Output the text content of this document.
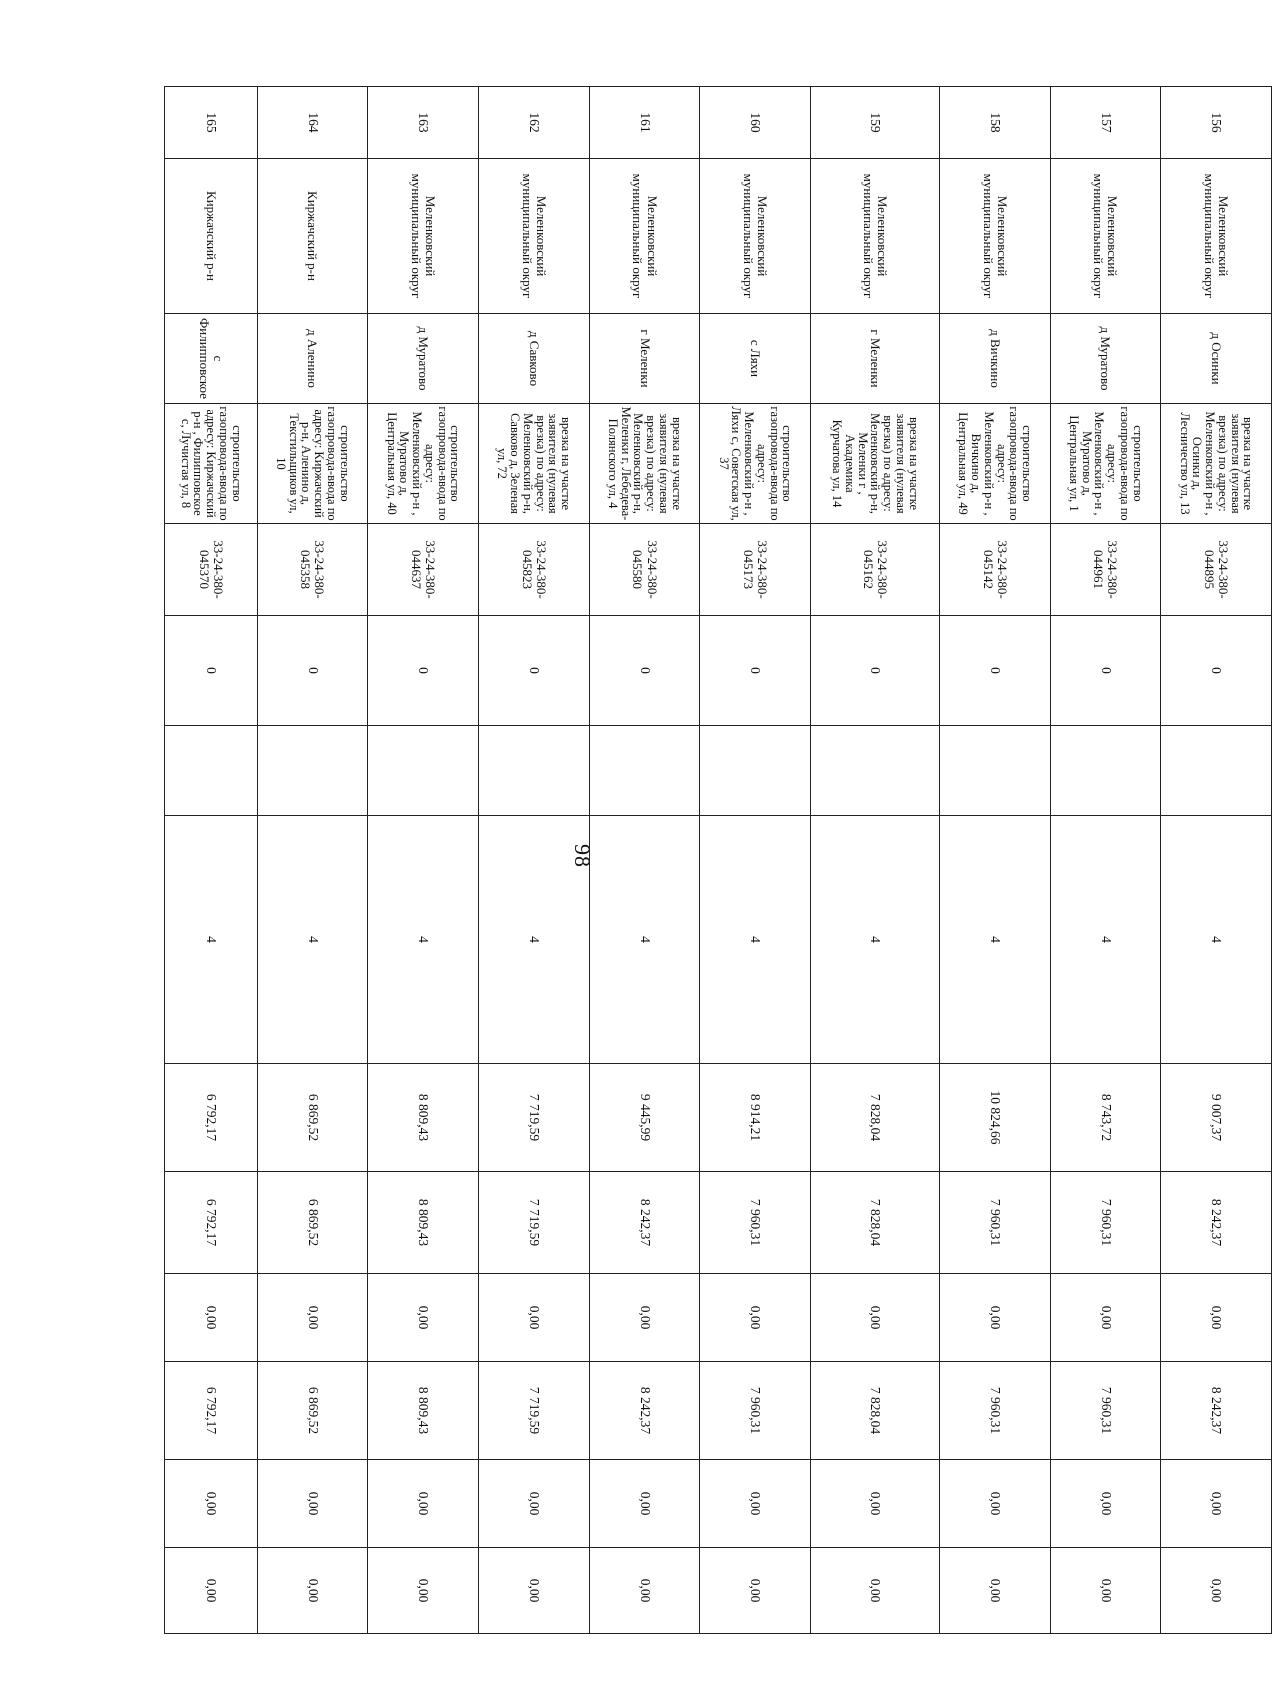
98
156	Меленковский муниципальный округ	д Осинки	врезка на участке заявителя (нулевая врезка) по адресу: Меленковский р-н , Осинки д, Лесничество ул, 13	33-24-380-044895	0		4	9 007,37	8 242,37	0,00	8 242,37	0,00	0,00
157	Меленковский муниципальный округ	д Муратово	строительство газопровода-ввода по адресу: Меленковский р-н , Муратово д, Центральная ул, 1	33-24-380-044961	0		4	8 743,72	7 960,31	0,00	7 960,31	0,00	0,00
158	Меленковский муниципальный округ	д Вичкино	строительство газопровода-ввода по адресу: Меленковский р-н , Вичкино д, Центральная ул, 49	33-24-380-045142	0		4	10 824,66	7 960,31	0,00	7 960,31	0,00	0,00
159	Меленковский муниципальный округ	г Меленки	врезка на участке заявителя (нулевая врезка) по адресу: Меленковский р-н, Меленки г , Академика Курчатова ул, 14	33-24-380-045162	0		4	7 828,04	7 828,04	0,00	7 828,04	0,00	0,00
160	Меленковский муниципальный округ	с Ляхи	строительство газопровода-ввода по адресу: Меленковский р-н , Ляхи с, Советская ул, 37	33-24-380-045173	0		4	8 914,21	7 960,31	0,00	7 960,31	0,00	0,00
161	Меленковский муниципальный округ	г Меленки	врезка на участке заявителя (нулевая врезка) по адресу: Меленковский р-н, Меленки г, Лебедева-Полянского ул, 4	33-24-380-045580	0		4	9 445,99	8 242,37	0,00	8 242,37	0,00	0,00
162	Меленковский муниципальный округ	д Савково	врезка на участке заявителя (нулевая врезка) по адресу: Меленковский р-н, Савково д, Зеленая ул, 72	33-24-380-045823	0		4	7 719,59	7 719,59	0,00	7 719,59	0,00	0,00
163	Меленковский муниципальный округ	д Муратово	строительство газопровода-ввода по адресу: Меленковский р-н , Муратово д, Центральная ул, 40	33-24-380-044637	0		4	8 809,43	8 809,43	0,00	8 809,43	0,00	0,00
164	Киржачский р-н	д Аленино	строительство газопровода-ввода по адресу: Киржачский р-н, Аленино д, Текстильщиков ул, 10	33-24-380-045358	0		4	6 869,52	6 869,52	0,00	6 869,52	0,00	0,00
165	Киржачский р-н	с Филипповское	строительство газопровода-ввода по адресу: Киржачский р-н , Филипповское с, Лучистая ул, 8	33-24-380-045370	0		4	6 792,17	6 792,17	0,00	6 792,17	0,00	0,00
